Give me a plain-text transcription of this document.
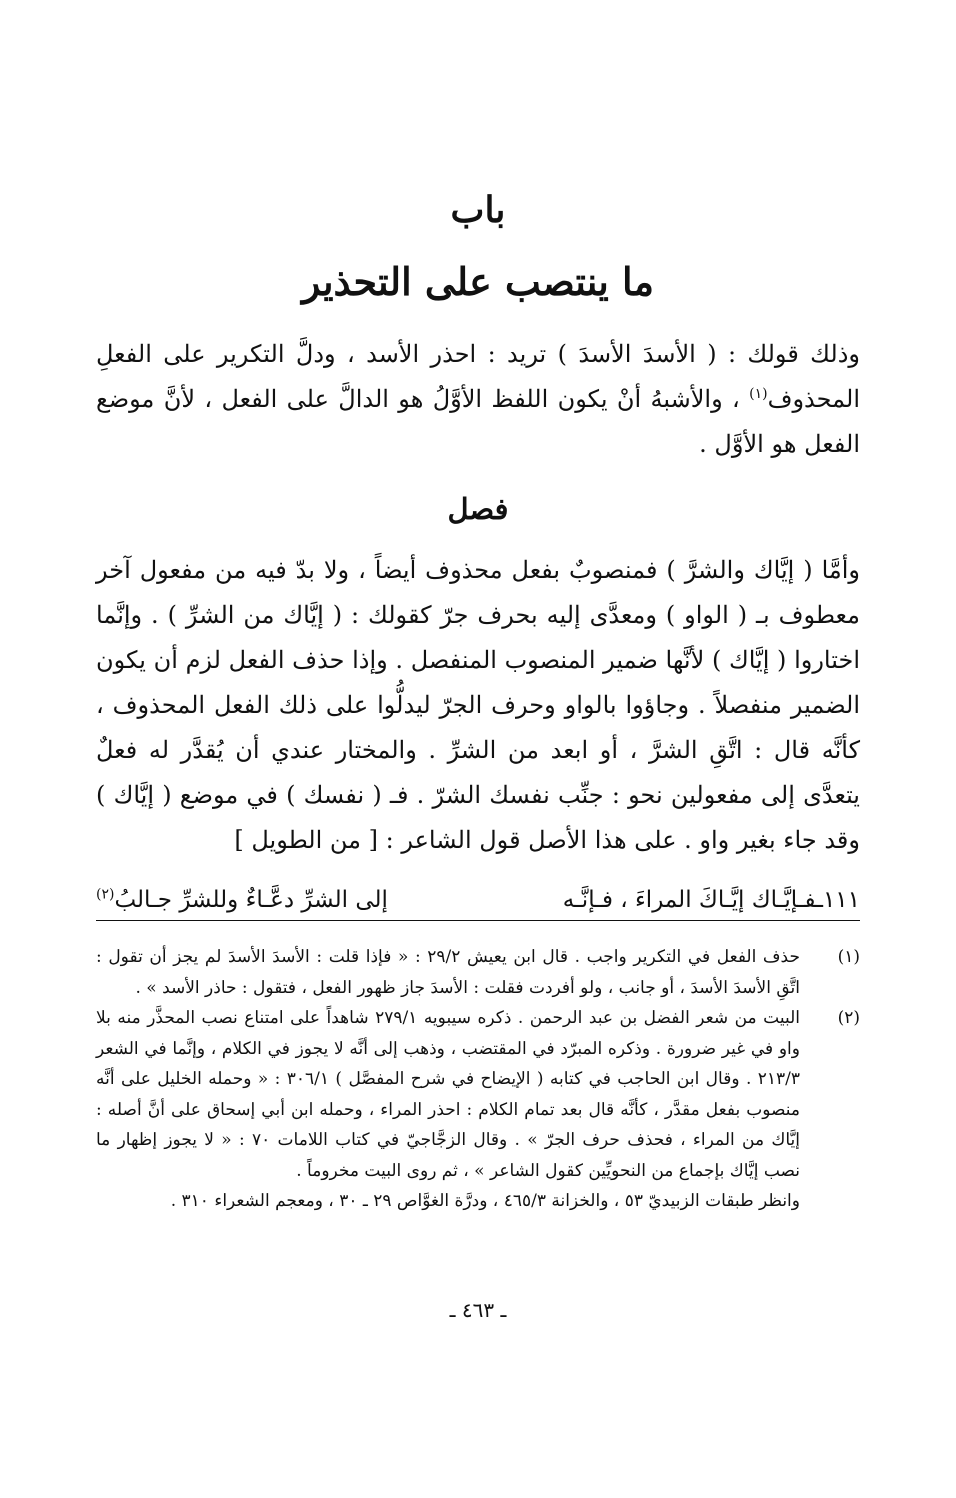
باب
ما ينتصب على التحذير

وذلك قولك : ( الأسدَ الأسدَ ) تريد : احذر الأسد ، ودلَّ التكرير على الفعلِ المحذوف$^{(١)}$ ، والأشبهُ أنْ يكون اللفظ الأوَّلُ هو الدالَّ على الفعل ، لأنَّ موضع الفعل هو الأوَّل .

فصل

وأمَّا ( إيَّاك والشرَّ ) فمنصوبٌ بفعل محذوف أيضاً ، ولا بدّ فيه من مفعول آخر معطوف بـ ( الواو ) ومعدَّى إليه بحرف جرّ كقولك : ( إيَّاك من الشرِّ ) . وإنَّما اختاروا ( إيَّاك ) لأنَّها ضمير المنصوب المنفصل . وإذا حذف الفعل لزم أن يكون الضمير منفصلاً . وجاؤوا بالواو وحرف الجرّ ليدلُّوا على ذلك الفعل المحذوف ، كأنَّه قال : اتَّقِ الشرَّ ، أو ابعد من الشرِّ . والمختار عندي أن يُقدَّر له فعلٌ يتعدَّى إلى مفعولين نحو : جنِّب نفسك الشرّ . فـ ( نفسك ) في موضع ( إيَّاك ) وقد جاء بغير واو . على هذا الأصل قول الشاعر : [ من الطويل ]

١١١ـفـإيَّـاك إيَّـاكَ المراءَ ، فـإنَّـه
إلى الشرِّ دعَّـاءٌ وللشرِّ جـالبُ$^{(٢)}$
(١)
حذف الفعل في التكرير واجب . قال ابن يعيش ٢٩/٢ : « فإذا قلت : الأسدَ الأسدَ لم يجز أن تقول : اتَّقِ الأسدَ الأسدَ ، أو جانب ، ولو أفردت فقلت : الأسدَ جاز ظهور الفعل ، فتقول : حاذر الأسد » .
(٢)
البيت من شعر الفضل بن عبد الرحمن . ذكره سيبويه ٢٧٩/١ شاهداً على امتناع نصب المحذَّر منه بلا واو في غير ضرورة . وذكره المبرّد في المقتضب ، وذهب إلى أنَّه لا يجوز في الكلام ، وإنَّما في الشعر ٢١٣/٣ . وقال ابن الحاجب في كتابه ( الإيضاح في شرح المفصَّل ) ٣٠٦/١ : « وحمله الخليل على أنَّه منصوب بفعل مقدَّر ، كأنَّه قال بعد تمام الكلام : احذر المراء ، وحمله ابن أبي إسحاق على أنَّ أصله : إيَّاك من المراء ، فحذف حرف الجرّ » . وقال الزجَّاجيّ في كتاب اللامات ٧٠ : « لا يجوز إظهار ما نصب إيَّاك بإجماع من النحويِّين كقول الشاعر » ، ثم روى البيت مخروماً .
وانظر طبقات الزبيديّ ٥٣ ، والخزانة ٤٦٥/٣ ، ودرَّة الغوَّاص ٢٩ ـ ٣٠ ، ومعجم الشعراء ٣١٠ .
ـ ٤٦٣ ـ
